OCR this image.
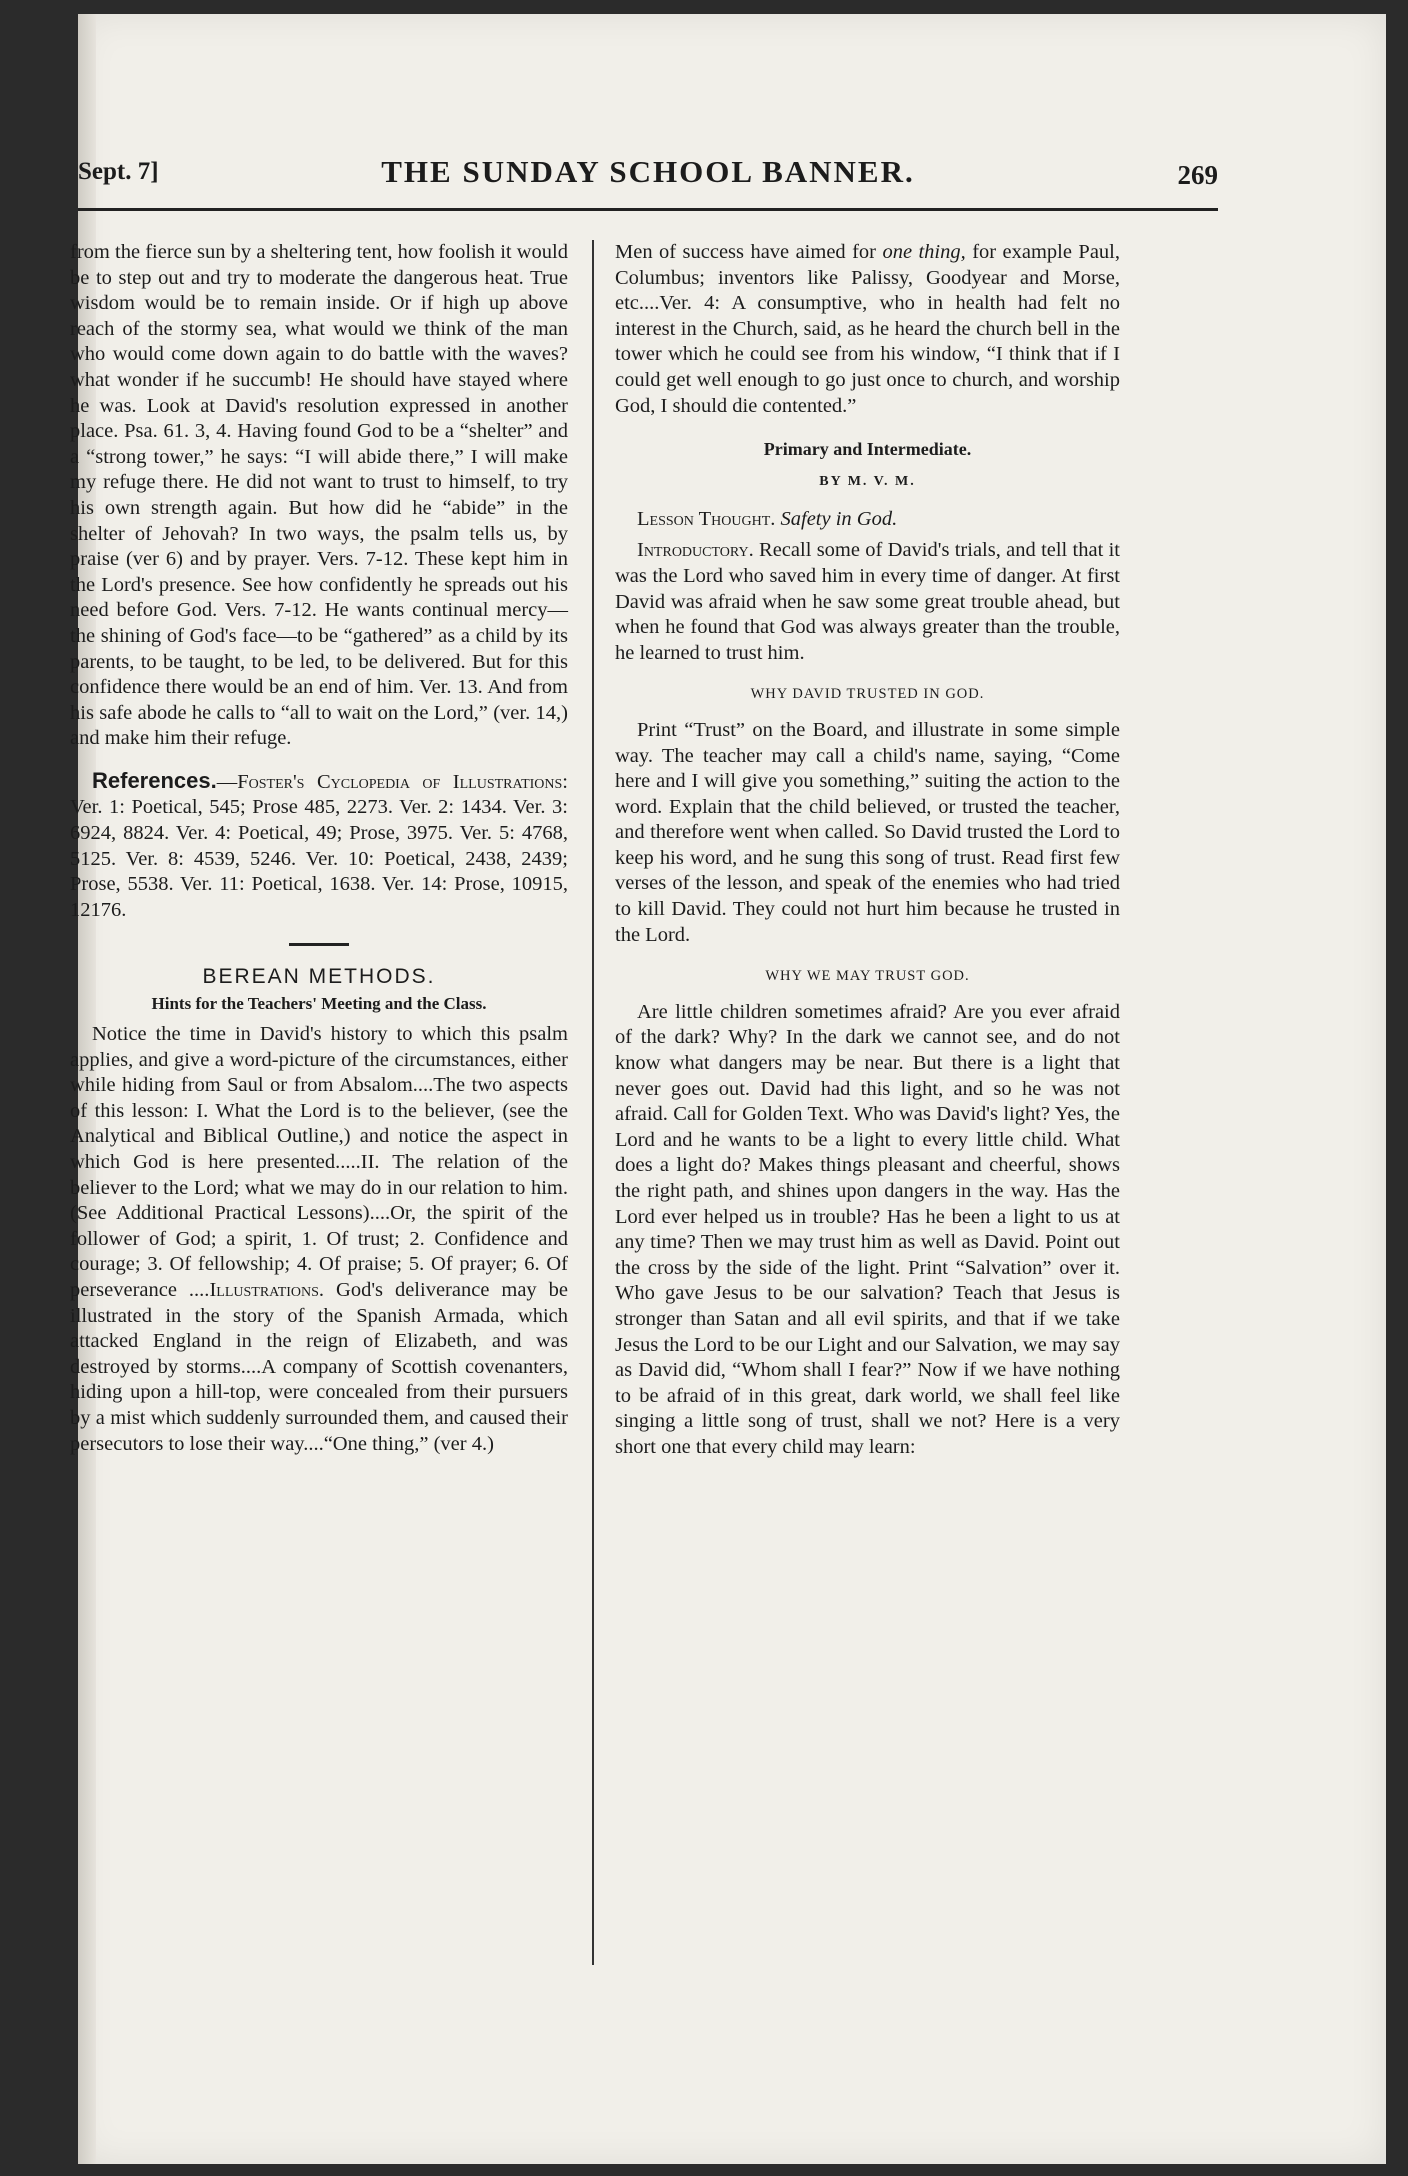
Sept. 7]	THE SUNDAY SCHOOL BANNER.	269

from the fierce sun by a sheltering tent, how foolish it would be to step out and try to moderate the dangerous heat. True wisdom would be to remain inside. Or if high up above reach of the stormy sea, what would we think of the man who would come down again to do battle with the waves? what wonder if he succumb! He should have stayed where he was. Look at David's resolution expressed in another place. Psa. 61. 3, 4. Having found God to be a “shelter” and a “strong tower,” he says: “I will abide there,” I will make my refuge there. He did not want to trust to himself, to try his own strength again. But how did he “abide” in the shelter of Jehovah? In two ways, the psalm tells us, by praise (ver 6) and by prayer. Vers. 7-12. These kept him in the Lord's presence. See how confidently he spreads out his need before God. Vers. 7-12. He wants continual mercy—the shining of God's face—to be “gathered” as a child by its parents, to be taught, to be led, to be delivered. But for this confidence there would be an end of him. Ver. 13. And from his safe abode he calls to “all to wait on the Lord,” (ver. 14,) and make him their refuge.

References.—Foster's Cyclopedia of Illustrations: Ver. 1: Poetical, 545; Prose 485, 2273. Ver. 2: 1434. Ver. 3: 6924, 8824. Ver. 4: Poetical, 49; Prose, 3975. Ver. 5: 4768, 5125. Ver. 8: 4539, 5246. Ver. 10: Poetical, 2438, 2439; Prose, 5538. Ver. 11: Poetical, 1638. Ver. 14: Prose, 10915, 12176.

BEREAN METHODS.
Hints for the Teachers' Meeting and the Class.

Notice the time in David's history to which this psalm applies, and give a word-picture of the circumstances, either while hiding from Saul or from Absalom....The two aspects of this lesson: I. What the Lord is to the believer, (see the Analytical and Biblical Outline,) and notice the aspect in which God is here presented.....II. The relation of the believer to the Lord; what we may do in our relation to him. (See Additional Practical Lessons)....Or, the spirit of the follower of God; a spirit, 1. Of trust; 2. Confidence and courage; 3. Of fellowship; 4. Of praise; 5. Of prayer; 6. Of perseverance ....Illustrations. God's deliverance may be illustrated in the story of the Spanish Armada, which attacked England in the reign of Elizabeth, and was destroyed by storms....A company of Scottish covenanters, hiding upon a hill-top, were concealed from their pursuers by a mist which suddenly surrounded them, and caused their persecutors to lose their way....“One thing,” (ver 4.)

Men of success have aimed for one thing, for example Paul, Columbus; inventors like Palissy, Goodyear and Morse, etc....Ver. 4: A consumptive, who in health had felt no interest in the Church, said, as he heard the church bell in the tower which he could see from his window, “I think that if I could get well enough to go just once to church, and worship God, I should die contented.”

Primary and Intermediate.
BY M. V. M.

Lesson Thought. Safety in God.

Introductory. Recall some of David's trials, and tell that it was the Lord who saved him in every time of danger. At first David was afraid when he saw some great trouble ahead, but when he found that God was always greater than the trouble, he learned to trust him.

WHY DAVID TRUSTED IN GOD.

Print “Trust” on the Board, and illustrate in some simple way. The teacher may call a child's name, saying, “Come here and I will give you something,” suiting the action to the word. Explain that the child believed, or trusted the teacher, and therefore went when called. So David trusted the Lord to keep his word, and he sung this song of trust. Read first few verses of the lesson, and speak of the enemies who had tried to kill David. They could not hurt him because he trusted in the Lord.

WHY WE MAY TRUST GOD.

Are little children sometimes afraid? Are you ever afraid of the dark? Why? In the dark we cannot see, and do not know what dangers may be near. But there is a light that never goes out. David had this light, and so he was not afraid. Call for Golden Text. Who was David's light? Yes, the Lord and he wants to be a light to every little child. What does a light do? Makes things pleasant and cheerful, shows the right path, and shines upon dangers in the way. Has the Lord ever helped us in trouble? Has he been a light to us at any time? Then we may trust him as well as David. Point out the cross by the side of the light. Print “Salvation” over it. Who gave Jesus to be our salvation? Teach that Jesus is stronger than Satan and all evil spirits, and that if we take Jesus the Lord to be our Light and our Salvation, we may say as David did, “Whom shall I fear?” Now if we have nothing to be afraid of in this great, dark world, we shall feel like singing a little song of trust, shall we not? Here is a very short one that every child may learn:
